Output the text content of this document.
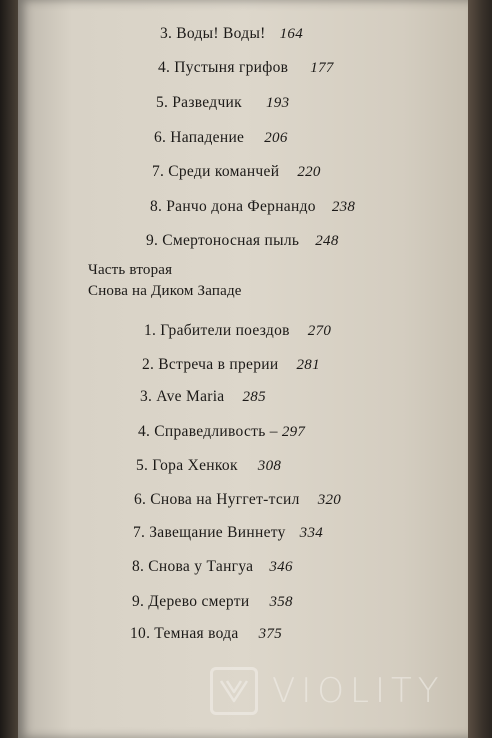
3. Воды! Воды! 164
4. Пустыня грифов 177
5. Разведчик 193
6. Нападение 206
7. Среди команчей 220
8. Ранчо дона Фернандо 238
9. Смертоносная пыль 248
Часть вторая
Снова на Диком Западе
1. Грабители поездов 270
2. Встреча в прерии 281
3. Ave Maria 285
4. Справедливость – 297
5. Гора Хенкок 308
6. Снова на Нуггет-тсил 320
7. Завещание Виннету 334
8. Снова у Тангуа 346
9. Дерево смерти 358
10. Темная вода 375
VIOLITY
